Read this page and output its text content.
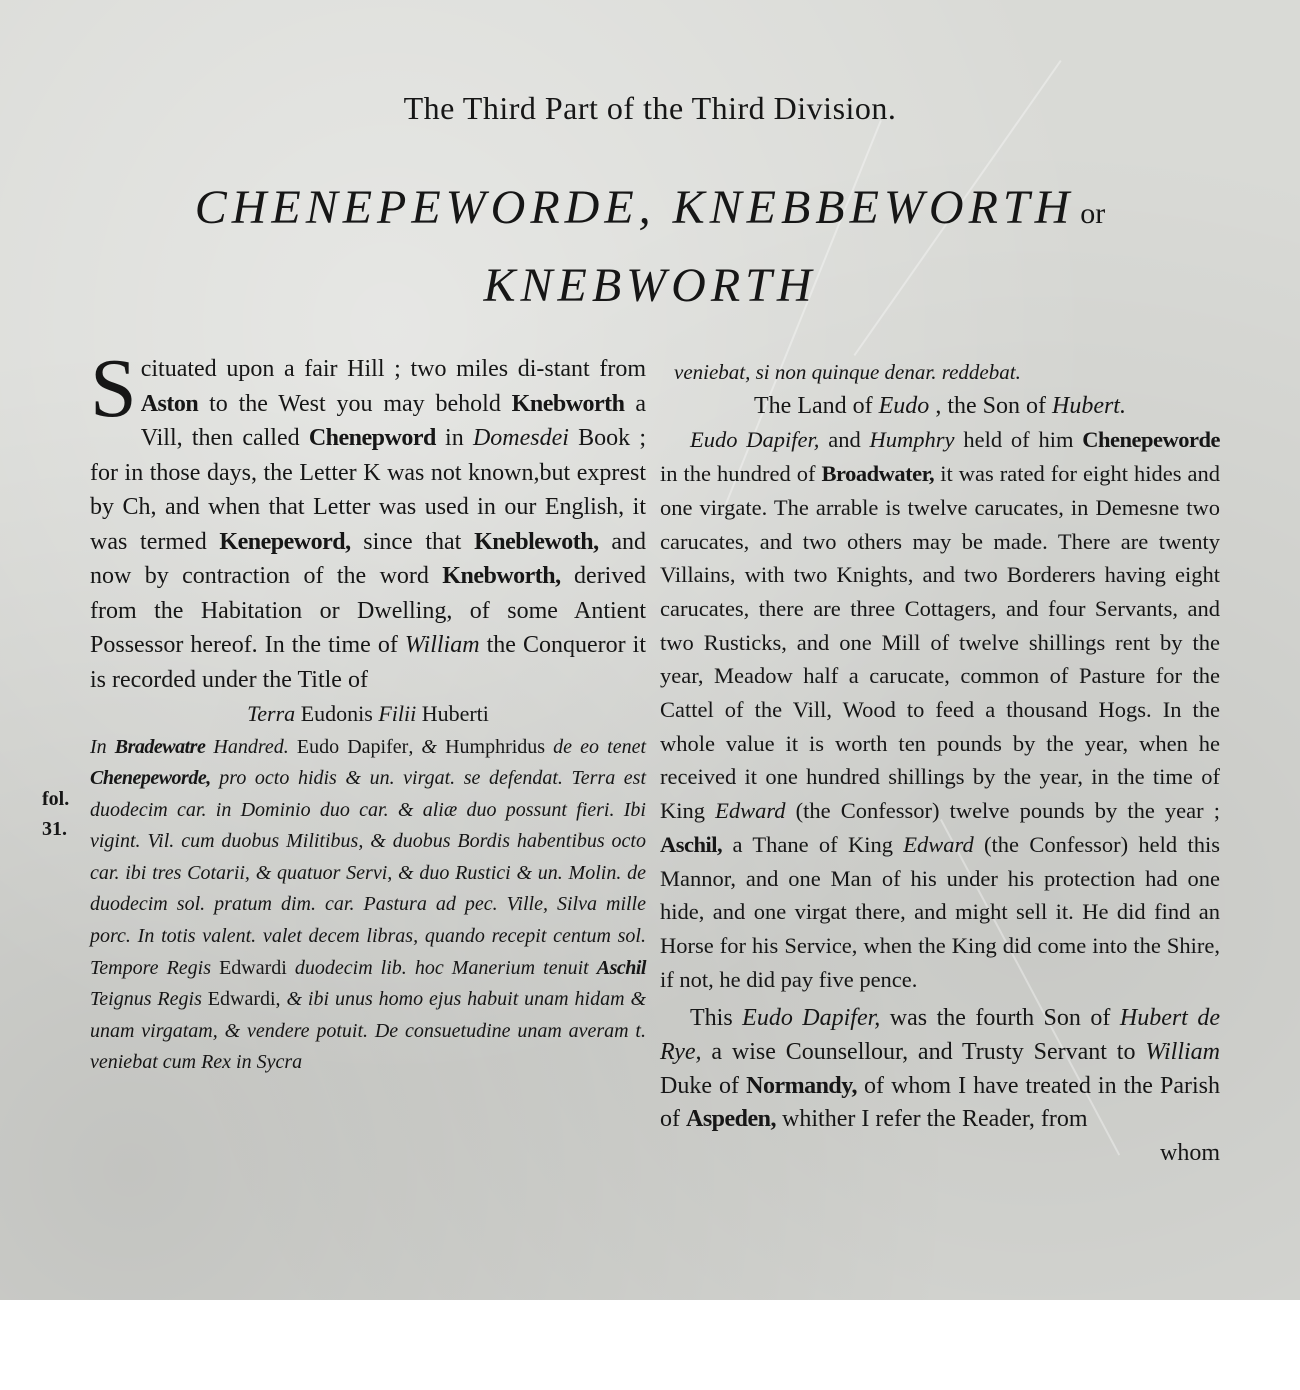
The Third Part of the Third Division.
CHENEPEWORDE, KNEBBEWORTH or
KNEBWORTH

Scituated upon a fair Hill ; two miles di-stant from Aston to the West you may behold Knebworth a Vill, then called Chenepword in Domesdei Book ; for in those days, the Letter K was not known,but exprest by Ch, and when that Letter was used in our English, it was termed Kenepeword, since that Kneblewoth, and now by contraction of the word Knebworth, derived from the Habitation or Dwelling, of some Antient Possessor hereof. In the time of William the Conqueror it is recorded under the Title of

Terra Eudonis Filii Huberti

In Bradewatre Handred. Eudo Dapifer, & Humphridus de eo tenet Chenepeworde, pro octo hidis & un. virgat. se defendat. Terra est duodecim car. in Dominio duo car. & aliæ duo possunt fieri. Ibi vigint. Vil. cum duobus Militibus, & duobus Bordis habentibus octo car. ibi tres Cotarii, & quatuor Servi, & duo Rustici & un. Molin. de duodecim sol. pratum dim. car. Pastura ad pec. Ville, Silva mille porc. In totis valent. valet decem libras, quando recepit centum sol. Tempore Regis Edwardi duodecim lib. hoc Manerium tenuit Aschil Teignus Regis Edwardi, & ibi unus homo ejus habuit unam hidam & unam virgatam, & vendere potuit. De consuetudine unam averam t. veniebat cum Rex in Sycra

fol.
31.

veniebat, si non quinque denar. reddebat.

The Land of Eudo , the Son of Hubert.

Eudo Dapifer, and Humphry held of him Chenepeworde in the hundred of Broadwater, it was rated for eight hides and one virgate. The arrable is twelve carucates, in Demesne two carucates, and two others may be made. There are twenty Villains, with two Knights, and two Borderers having eight carucates, there are three Cottagers, and four Servants, and two Rusticks, and one Mill of twelve shillings rent by the year, Meadow half a carucate, common of Pasture for the Cattel of the Vill, Wood to feed a thousand Hogs. In the whole value it is worth ten pounds by the year, when he received it one hundred shillings by the year, in the time of King Edward (the Confessor) twelve pounds by the year ; Aschil, a Thane of King Edward (the Confessor) held this Mannor, and one Man of his under his protection had one hide, and one virgat there, and might sell it. He did find an Horse for his Service, when the King did come into the Shire, if not, he did pay five pence.

This Eudo Dapifer, was the fourth Son of Hubert de Rye, a wise Counsellour, and Trusty Servant to William Duke of Normandy, of whom I have treated in the Parish of Aspeden, whither I refer the Reader, from

whom
